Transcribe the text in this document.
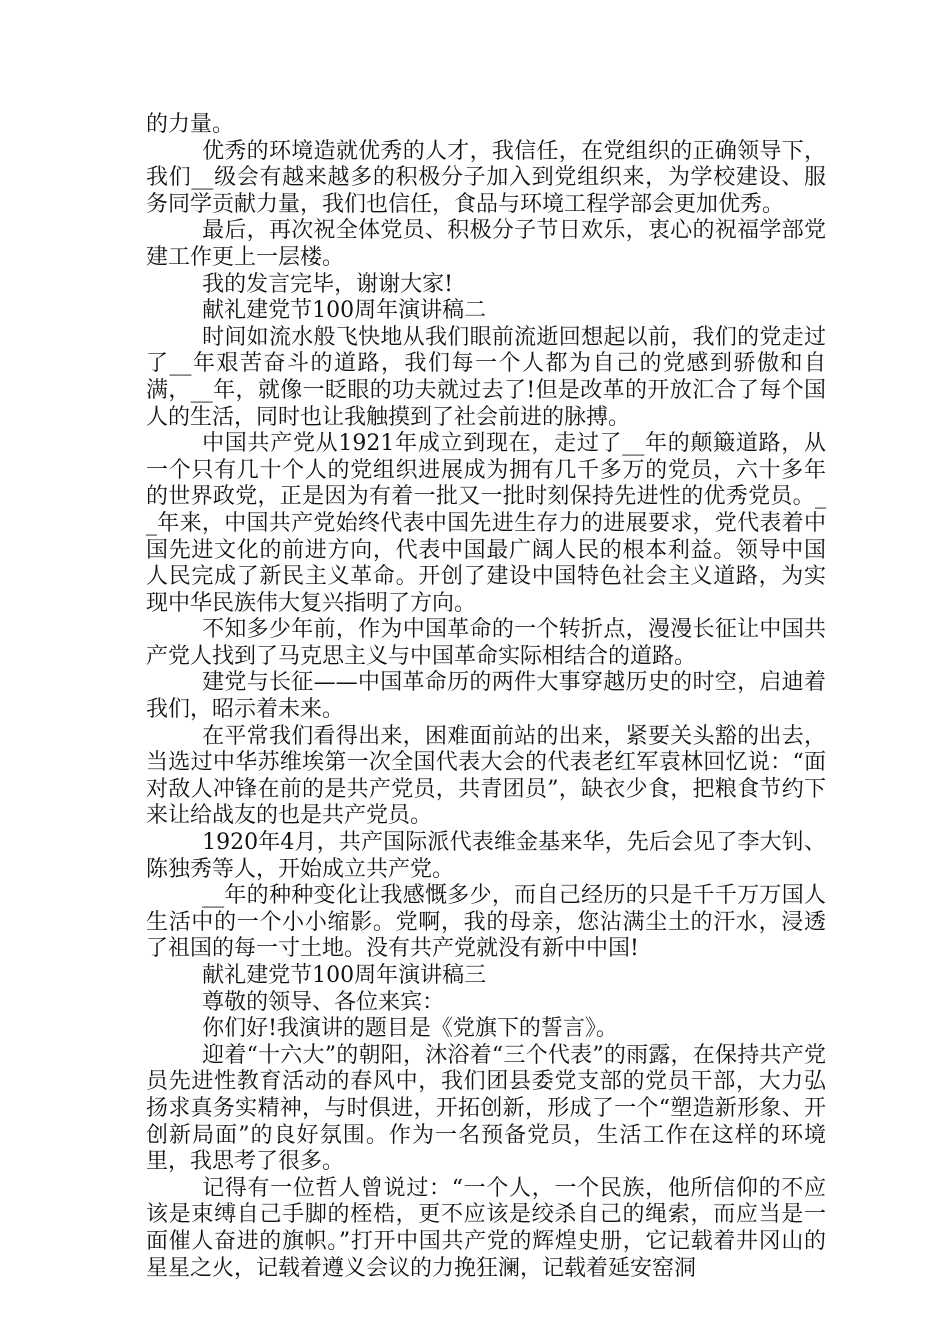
的力量。

优秀的环境造就优秀的人才，我信任，在党组织的正确领导下，我们__级会有越来越多的积极分子加入到党组织来，为学校建设、服务同学贡献力量，我们也信任，食品与环境工程学部会更加优秀。

最后，再次祝全体党员、积极分子节日欢乐，衷心的祝福学部党建工作更上一层楼。

我的发言完毕，谢谢大家!

献礼建党节100周年演讲稿二

时间如流水般飞快地从我们眼前流逝回想起以前，我们的党走过了__年艰苦奋斗的道路，我们每一个人都为自己的党感到骄傲和自满，__年，就像一眨眼的功夫就过去了!但是改革的开放汇合了每个国人的生活，同时也让我触摸到了社会前进的脉搏。

中国共产党从1921年成立到现在，走过了__年的颠簸道路，从一个只有几十个人的党组织进展成为拥有几千多万的党员，六十多年的世界政党，正是因为有着一批又一批时刻保持先进性的优秀党员。__年来，中国共产党始终代表中国先进生存力的进展要求，党代表着中国先进文化的前进方向，代表中国最广阔人民的根本利益。领导中国人民完成了新民主义革命。开创了建设中国特色社会主义道路，为实现中华民族伟大复兴指明了方向。

不知多少年前，作为中国革命的一个转折点，漫漫长征让中国共产党人找到了马克思主义与中国革命实际相结合的道路。

建党与长征——中国革命历的两件大事穿越历史的时空，启迪着我们，昭示着未来。

在平常我们看得出来，困难面前站的出来，紧要关头豁的出去，当选过中华苏维埃第一次全国代表大会的代表老红军袁林回忆说：“面对敌人冲锋在前的是共产党员，共青团员”，缺衣少食，把粮食节约下来让给战友的也是共产党员。

1920年4月，共产国际派代表维金基来华，先后会见了李大钊、陈独秀等人，开始成立共产党。

__年的种种变化让我感慨多少，而自己经历的只是千千万万国人生活中的一个小小缩影。党啊，我的母亲，您沾满尘土的汗水，浸透了祖国的每一寸土地。没有共产党就没有新中中国!

献礼建党节100周年演讲稿三

尊敬的领导、各位来宾：

你们好!我演讲的题目是《党旗下的誓言》。

迎着“十六大”的朝阳，沐浴着“三个代表”的雨露，在保持共产党员先进性教育活动的春风中，我们团县委党支部的党员干部，大力弘扬求真务实精神，与时俱进，开拓创新，形成了一个“塑造新形象、开创新局面”的良好氛围。作为一名预备党员，生活工作在这样的环境里，我思考了很多。

记得有一位哲人曾说过：“一个人，一个民族，他所信仰的不应该是束缚自己手脚的桎梏，更不应该是绞杀自己的绳索，而应当是一面催人奋进的旗帜。”打开中国共产党的辉煌史册，它记载着井冈山的星星之火，记载着遵义会议的力挽狂澜，记载着延安窑洞
